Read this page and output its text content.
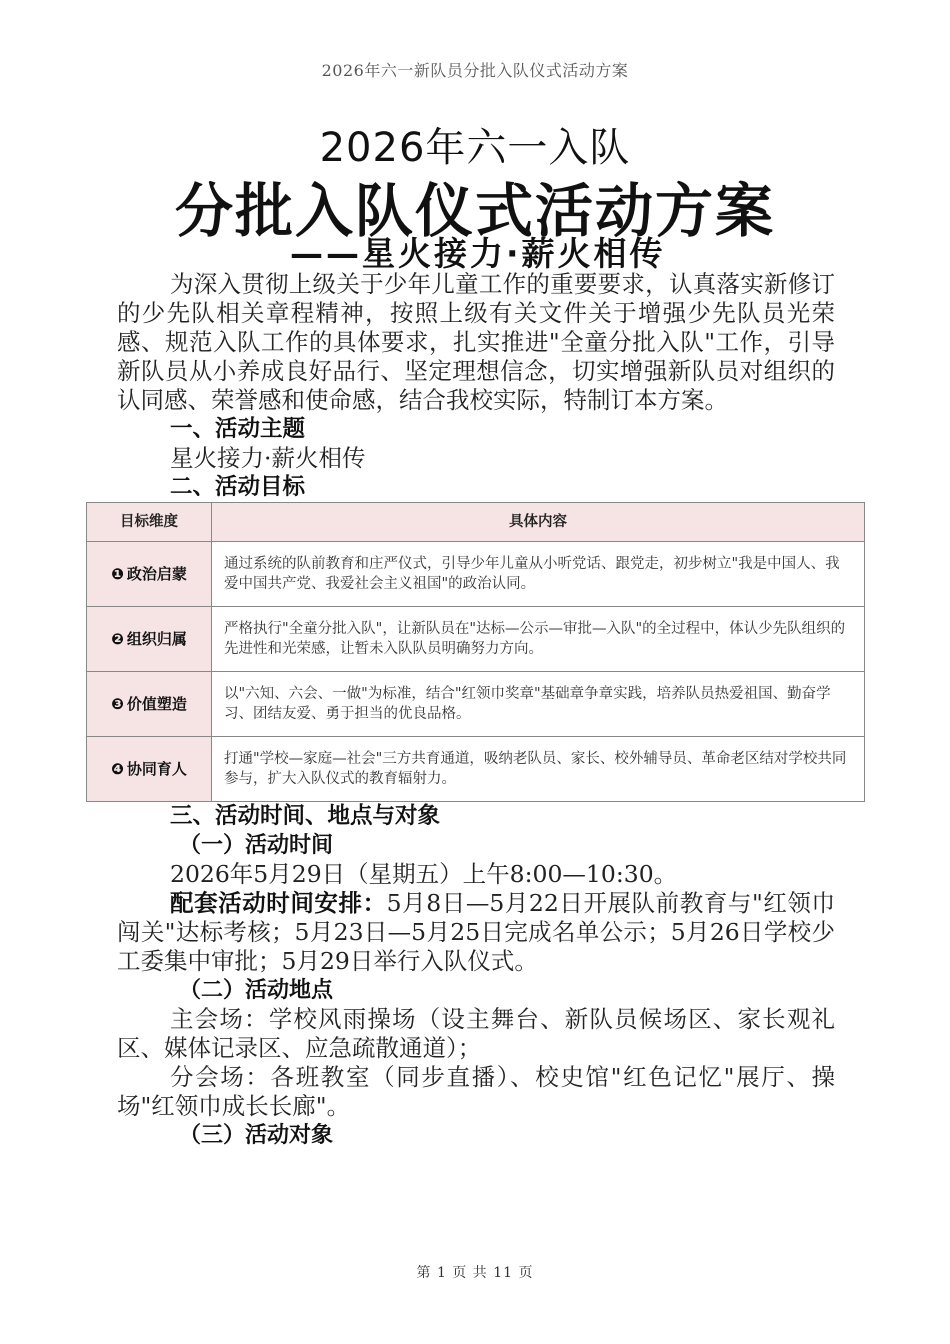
2026年六一新队员分批入队仪式活动方案
2026年六一入队
分批入队仪式活动方案
——星火接力·薪火相传

为深入贯彻上级关于少年儿童工作的重要要求，认真落实新修订的少先队相关章程精神，按照上级有关文件关于增强少先队员光荣感、规范入队工作的具体要求，扎实推进"全童分批入队"工作，引导新队员从小养成良好品行、坚定理想信念，切实增强新队员对组织的认同感、荣誉感和使命感，结合我校实际，特制订本方案。

一、活动主题

星火接力·薪火相传

二、活动目标

目标维度	具体内容
❶ 政治启蒙	通过系统的队前教育和庄严仪式，引导少年儿童从小听党话、跟党走，初步树立"我是中国人、我爱中国共产党、我爱社会主义祖国"的政治认同。
❷ 组织归属	严格执行"全童分批入队"，让新队员在"达标—公示—审批—入队"的全过程中，体认少先队组织的先进性和光荣感，让暂未入队队员明确努力方向。
❸ 价值塑造	以"六知、六会、一做"为标准，结合"红领巾奖章"基础章争章实践，培养队员热爱祖国、勤奋学习、团结友爱、勇于担当的优良品格。
❹ 协同育人	打通"学校—家庭—社会"三方共育通道，吸纳老队员、家长、校外辅导员、革命老区结对学校共同参与，扩大入队仪式的教育辐射力。

三、活动时间、地点与对象

（一）活动时间

2026年5月29日（星期五）上午8:00—10:30。

配套活动时间安排：5月8日—5月22日开展队前教育与"红领巾闯关"达标考核；5月23日—5月25日完成名单公示；5月26日学校少工委集中审批；5月29日举行入队仪式。

（二）活动地点

主会场：学校风雨操场（设主舞台、新队员候场区、家长观礼区、媒体记录区、应急疏散通道）；

分会场：各班教室（同步直播）、校史馆"红色记忆"展厅、操场"红领巾成长长廊"。

（三）活动对象

第 1 页 共 11 页
